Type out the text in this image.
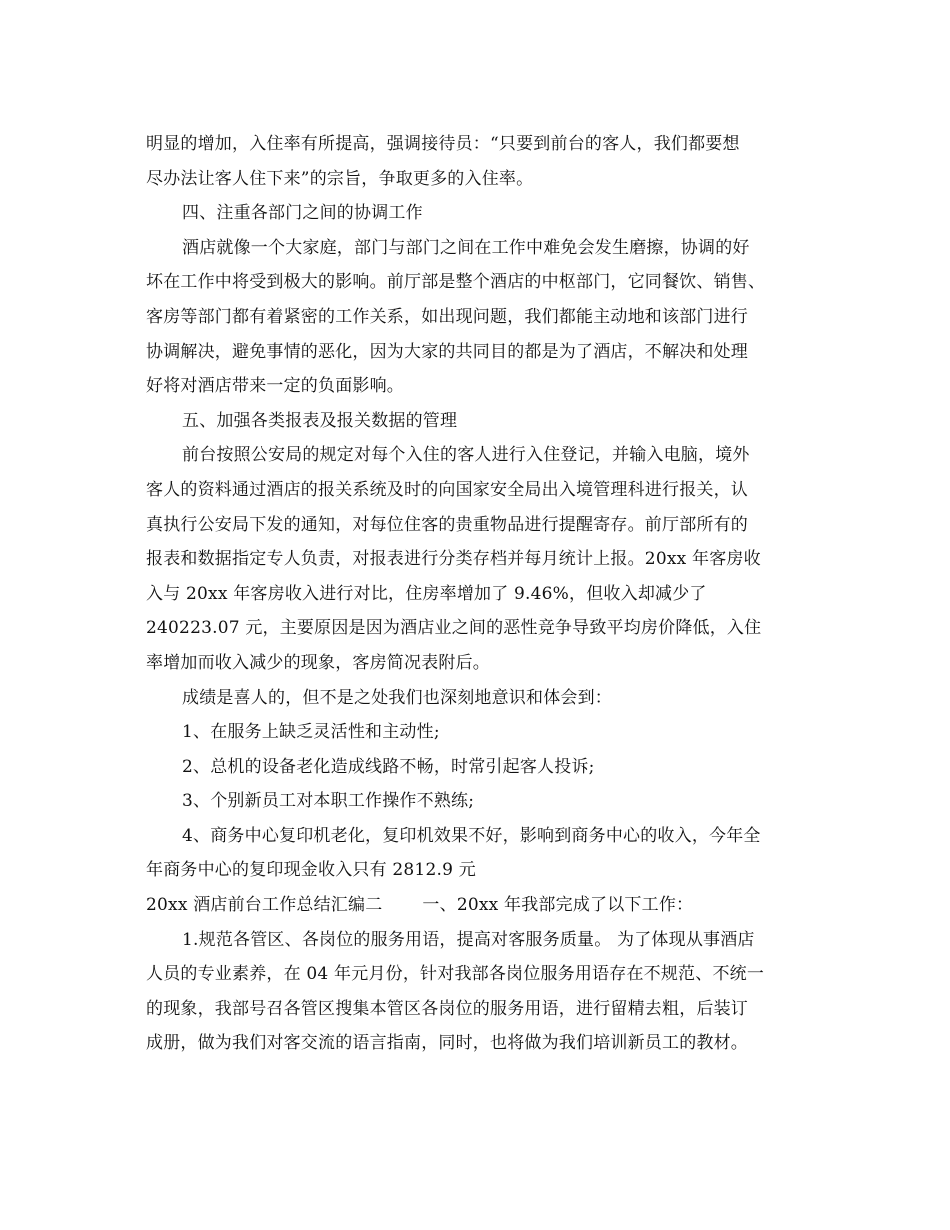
明显的增加，入住率有所提高，强调接待员：“只要到前台的客人，我们都要想
尽办法让客人住下来”的宗旨，争取更多的入住率。
四、注重各部门之间的协调工作
酒店就像一个大家庭，部门与部门之间在工作中难免会发生磨擦，协调的好
坏在工作中将受到极大的影响。前厅部是整个酒店的中枢部门，它同餐饮、销售、
客房等部门都有着紧密的工作关系，如出现问题，我们都能主动地和该部门进行
协调解决，避免事情的恶化，因为大家的共同目的都是为了酒店，不解决和处理
好将对酒店带来一定的负面影响。
五、加强各类报表及报关数据的管理
前台按照公安局的规定对每个入住的客人进行入住登记，并输入电脑，境外
客人的资料通过酒店的报关系统及时的向国家安全局出入境管理科进行报关，认
真执行公安局下发的通知，对每位住客的贵重物品进行提醒寄存。前厅部所有的
报表和数据指定专人负责，对报表进行分类存档并每月统计上报。20xx 年客房收
入与 20xx 年客房收入进行对比，住房率增加了 9.46%，但收入却减少了
240223.07 元，主要原因是因为酒店业之间的恶性竞争导致平均房价降低，入住
率增加而收入减少的现象，客房简况表附后。
成绩是喜人的，但不是之处我们也深刻地意识和体会到：
1、在服务上缺乏灵活性和主动性;
2、总机的设备老化造成线路不畅，时常引起客人投诉;
3、个别新员工对本职工作操作不熟练;
4、商务中心复印机老化，复印机效果不好，影响到商务中心的收入，今年全
年商务中心的复印现金收入只有 2812.9 元
20xx 酒店前台工作总结汇编二 一、20xx 年我部完成了以下工作：
1.规范各管区、各岗位的服务用语，提高对客服务质量。 为了体现从事酒店
人员的专业素养，在 04 年元月份，针对我部各岗位服务用语存在不规范、不统一
的现象，我部号召各管区搜集本管区各岗位的服务用语，进行留精去粗，后装订
成册，做为我们对客交流的语言指南，同时，也将做为我们培训新员工的教材。
